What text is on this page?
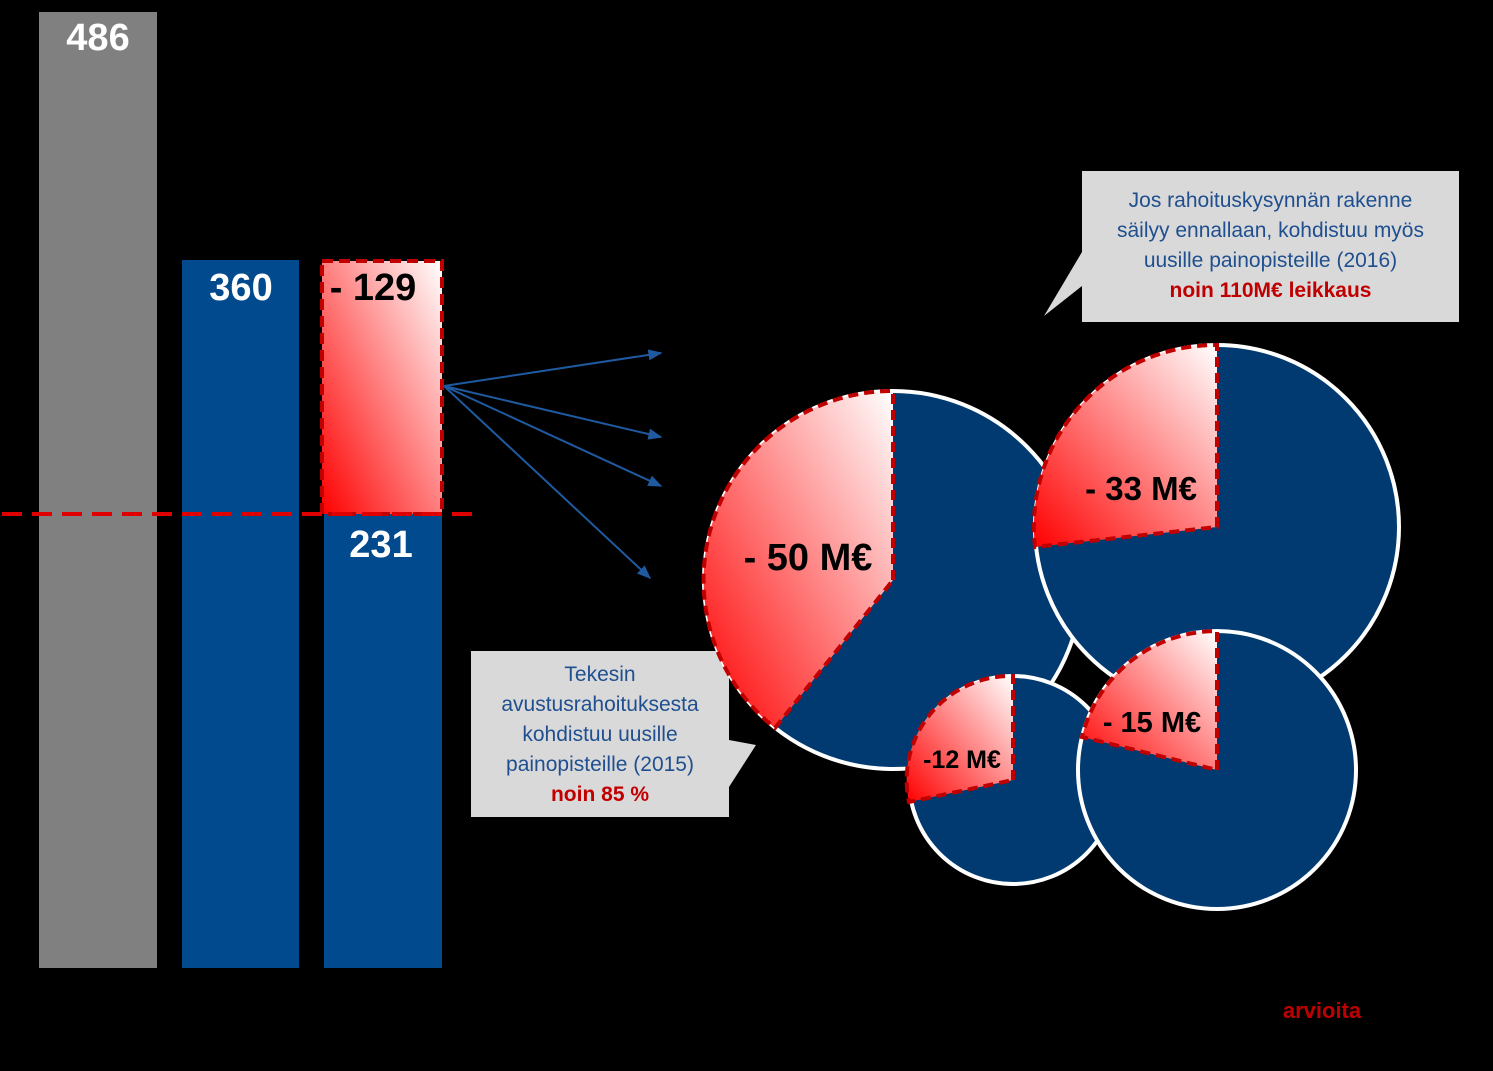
486
360 - 129
231	- 50 M€
- 33 M€
-12 M€
- 15 M€
Jos rahoituskysynnän rakenne
säilyy ennallaan, kohdistuu myös
uusille painopisteille (2016)
noin 110M€ leikkaus
Tekesin
avustusrahoituksesta
kohdistuu uusille
painopisteille (2015)
noin 85 %
arvioita
